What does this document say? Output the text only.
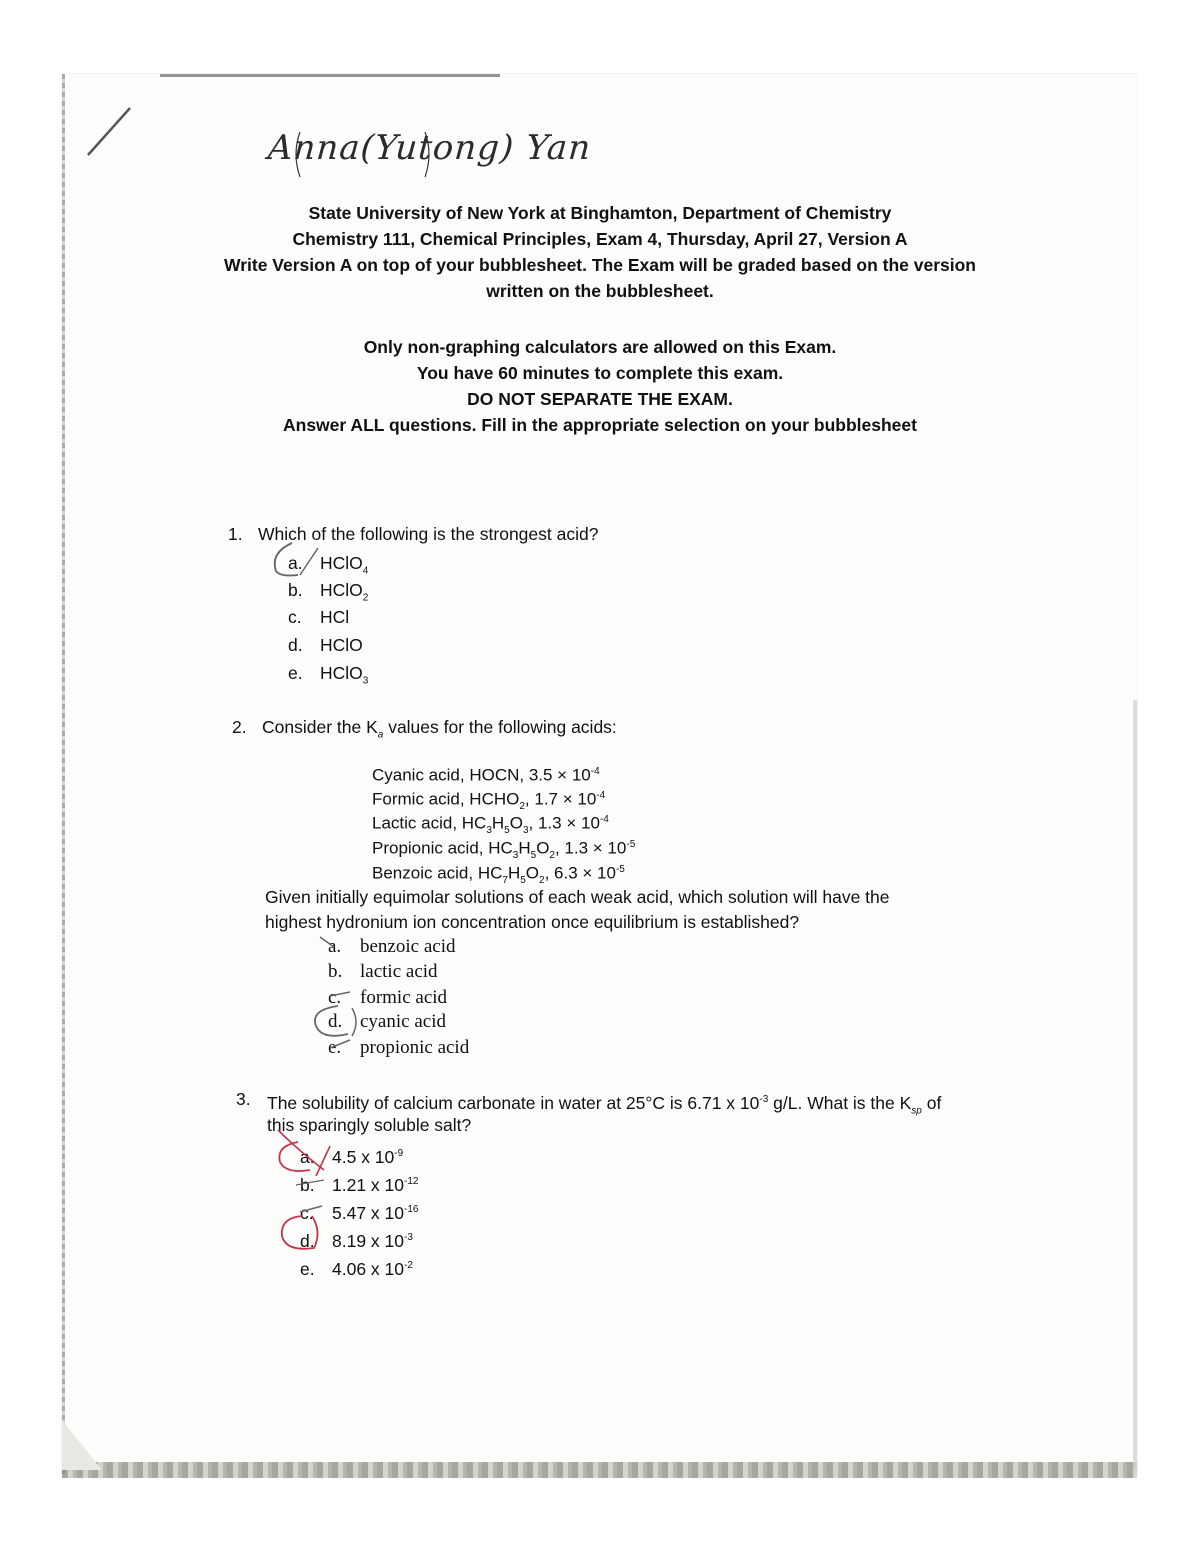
Anna(Yutong) Yan
State University of New York at Binghamton, Department of Chemistry
Chemistry 111, Chemical Principles, Exam 4, Thursday, April 27, Version A
Write Version A on top of your bubblesheet. The Exam will be graded based on the version
written on the bubblesheet.
Only non-graphing calculators are allowed on this Exam.
You have 60 minutes to complete this exam.
DO NOT SEPARATE THE EXAM.
Answer ALL questions. Fill in the appropriate selection on your bubblesheet
1. Which of the following is the strongest acid?
a. HClO$_4$
b. HClO$_2$
c. HCl
d. HClO
e. HClO$_3$
2. Consider the $K_a$ values for the following acids:
Cyanic acid, HOCN, $3.5 \times 10^{-4}$
Formic acid, $HCHO_2$, $1.7 \times 10^{-4}$
Lactic acid, $HC_3H_5O_3$, $1.3 \times 10^{-4}$
Propionic acid, $HC_3H_5O_2$, $1.3 \times 10^{-5}$
Benzoic acid, $HC_7H_5O_2$, $6.3 \times 10^{-5}$
Given initially equimolar solutions of each weak acid, which solution will have the
highest hydronium ion concentration once equilibrium is established?
a. benzoic acid
b. lactic acid
c. formic acid
d. cyanic acid
e. propionic acid
3. The solubility of calcium carbonate in water at 25°C is 6.71 x $10^{-3}$ g/L. What is the $K_{sp}$ of
this sparingly soluble salt?
a. 4.5 x $10^{-9}$
b. 1.21 x $10^{-12}$
c. 5.47 x $10^{-16}$
d. 8.19 x $10^{-3}$
e. 4.06 x $10^{-2}$
